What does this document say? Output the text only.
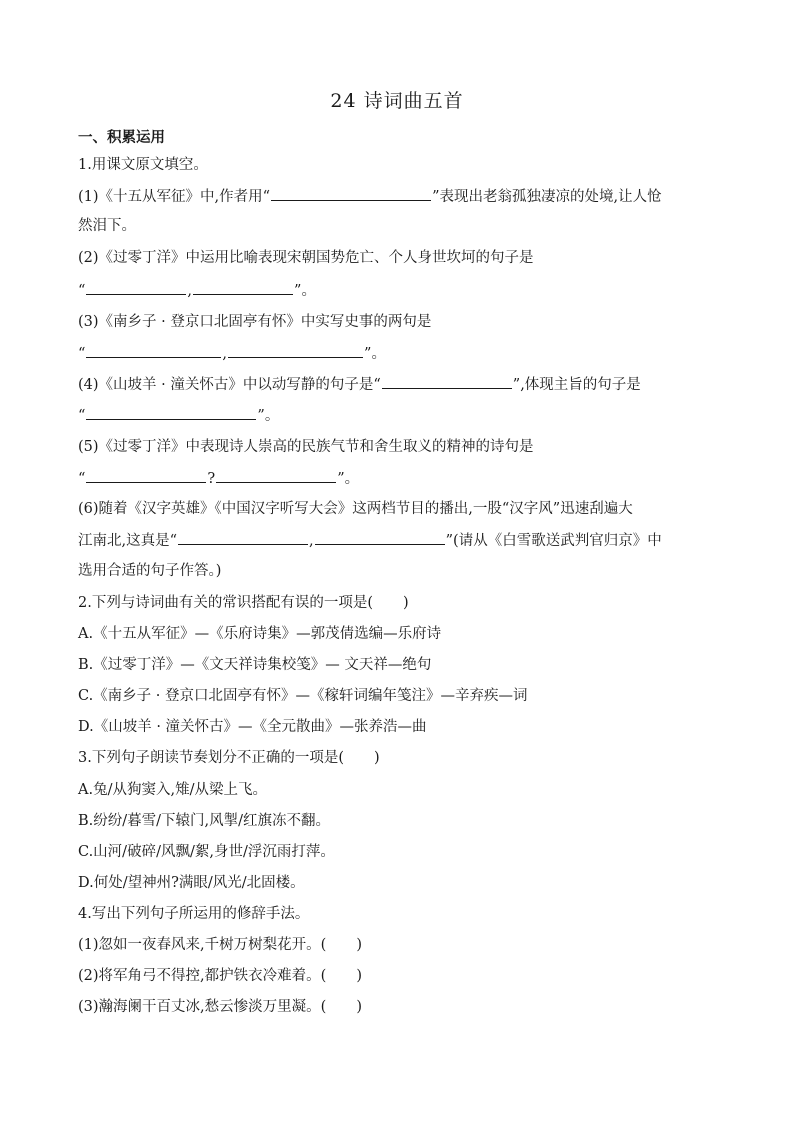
24 诗词曲五首
一、积累运用
1.用课文原文填空。
(1)《十五从军征》中,作者用“	”表现出老翁孤独凄凉的处境,让人怆
然泪下。
(2)《过零丁洋》中运用比喻表现宋朝国势危亡、个人身世坎坷的句子是
“	,	”。
(3)《南乡子 · 登京口北固亭有怀》中实写史事的两句是
“	,	”。
(4)《山坡羊 · 潼关怀古》中以动写静的句子是“	”,体现主旨的句子是
“	”。
(5)《过零丁洋》中表现诗人崇高的民族气节和舍生取义的精神的诗句是
“	?	”。
(6)随着《汉字英雄》《中国汉字听写大会》这两档节目的播出,一股“汉字风”迅速刮遍大
江南北,这真是“	,	”(请从《白雪歌送武判官归京》中
选用合适的句子作答。)
2.下列与诗词曲有关的常识搭配有误的一项是( )
A.《十五从军征》—《乐府诗集》—郭茂倩选编—乐府诗
B.《过零丁洋》—《文天祥诗集校笺》— 文天祥—绝句
C.《南乡子 · 登京口北固亭有怀》—《稼轩词编年笺注》—辛弃疾—词
D.《山坡羊 · 潼关怀古》—《全元散曲》—张养浩—曲
3.下列句子朗读节奏划分不正确的一项是( )
A.兔/从狗窦入,雉/从梁上飞。
B.纷纷/暮雪/下辕门,风掣/红旗冻不翻。
C.山河/破碎/风飘/絮,身世/浮沉雨打萍。
D.何处/望神州?满眼/风光/北固楼。
4.写出下列句子所运用的修辞手法。
(1)忽如一夜春风来,千树万树梨花开。( )
(2)将军角弓不得控,都护铁衣冷难着。( )
(3)瀚海阑干百丈冰,愁云惨淡万里凝。( )
